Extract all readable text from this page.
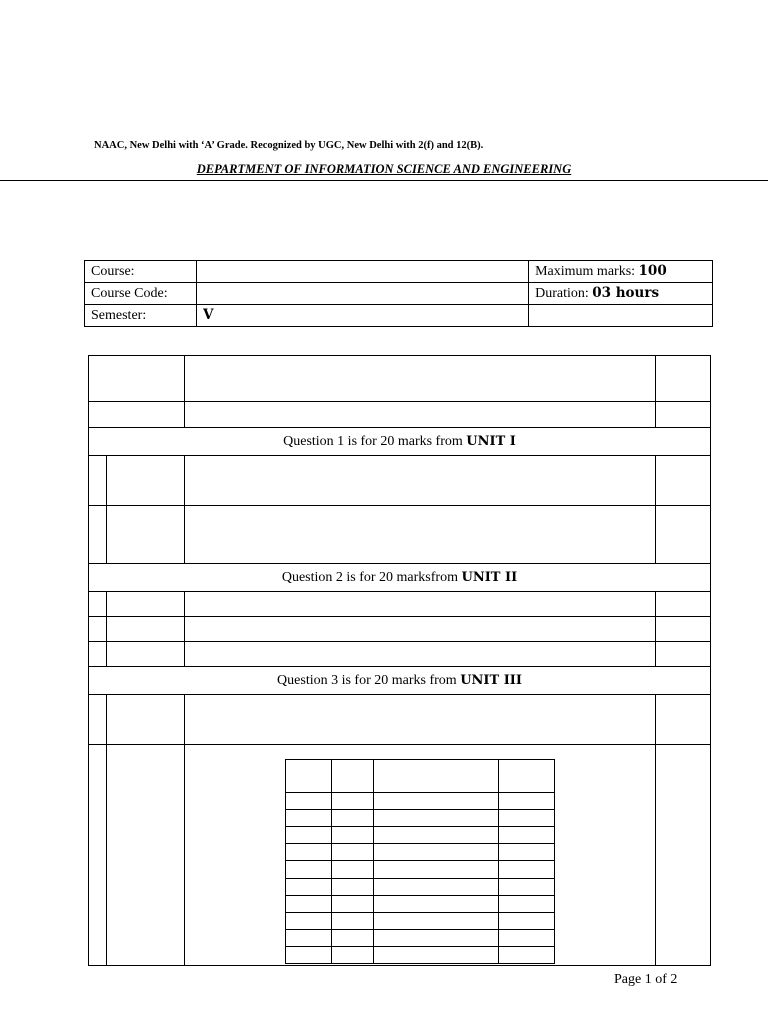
NAAC, New Delhi with ‘A’ Grade. Recognized by UGC, New Delhi with 2(f) and 12(B).
DEPARTMENT OF INFORMATION SCIENCE AND ENGINEERING
Course:		Maximum marks: 100
Course Code:		Duration: 03 hours
Semester:	V	

Question 1 is for 20 marks from UNIT I			

Question 2 is for 20 marksfrom UNIT II			

Question 3 is for 20 marks from UNIT III			

Page 1 of 2
